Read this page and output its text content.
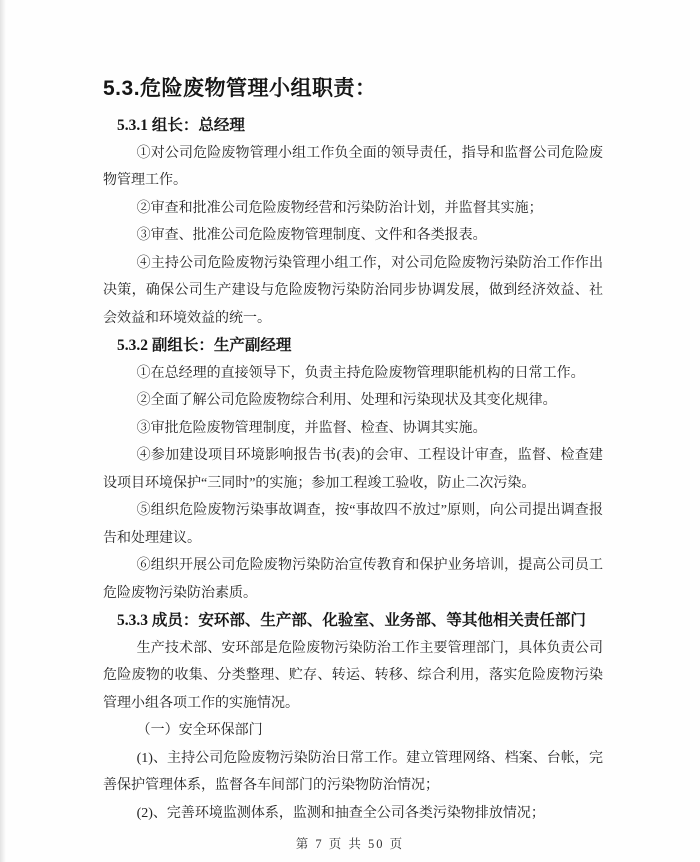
5.3.危险废物管理小组职责：
5.3.1 组长：总经理

①对公司危险废物管理小组工作负全面的领导责任，指导和监督公司危险废物管理工作。

②审查和批准公司危险废物经营和污染防治计划，并监督其实施；

③审查、批准公司危险废物管理制度、文件和各类报表。

④主持公司危险废物污染管理小组工作，对公司危险废物污染防治工作作出决策，确保公司生产建设与危险废物污染防治同步协调发展，做到经济效益、社会效益和环境效益的统一。

5.3.2 副组长：生产副经理

①在总经理的直接领导下，负责主持危险废物管理职能机构的日常工作。

②全面了解公司危险废物综合利用、处理和污染现状及其变化规律。

③审批危险废物管理制度，并监督、检查、协调其实施。

④参加建设项目环境影响报告书(表)的会审、工程设计审查，监督、检查建设项目环境保护“三同时”的实施；参加工程竣工验收，防止二次污染。

⑤组织危险废物污染事故调查，按“事故四不放过”原则，向公司提出调查报告和处理建议。

⑥组织开展公司危险废物污染防治宣传教育和保护业务培训，提高公司员工危险废物污染防治素质。

5.3.3 成员：安环部、生产部、化验室、业务部、等其他相关责任部门

生产技术部、安环部是危险废物污染防治工作主要管理部门，具体负责公司危险废物的收集、分类整理、贮存、转运、转移、综合利用，落实危险废物污染管理小组各项工作的实施情况。

（一）安全环保部门

(1)、主持公司危险废物污染防治日常工作。建立管理网络、档案、台帐，完善保护管理体系，监督各车间部门的污染物防治情况；

(2)、完善环境监测体系，监测和抽查全公司各类污染物排放情况；

第 7 页 共 50 页
